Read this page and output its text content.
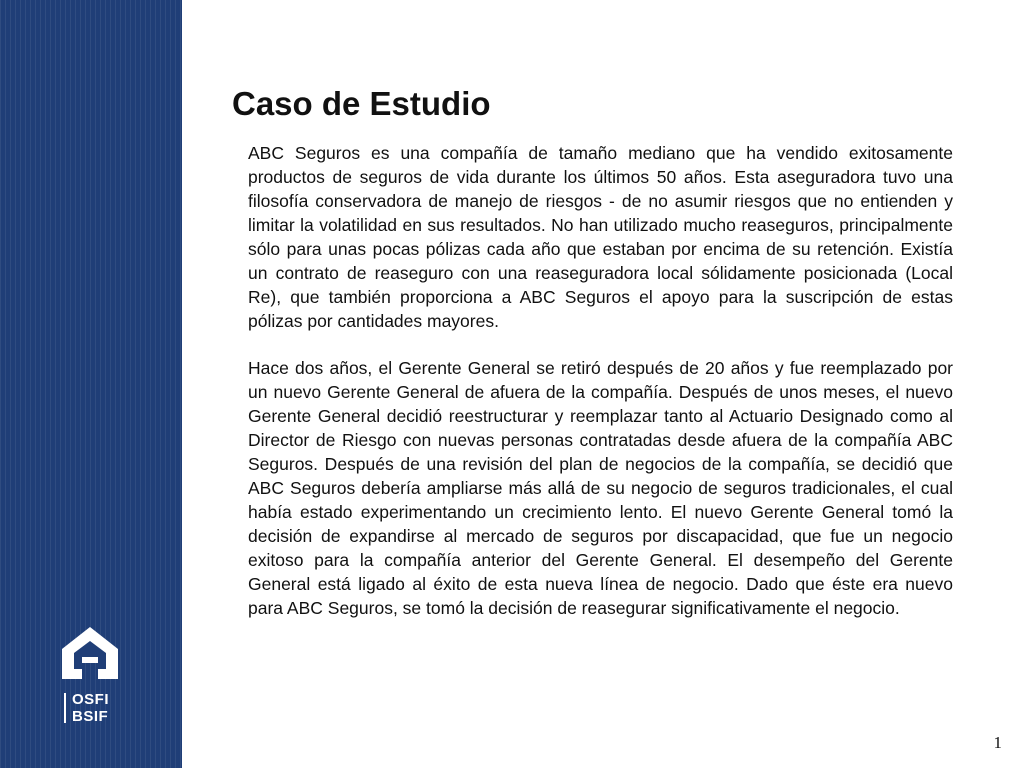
OSFI
BSIF
Caso de Estudio

ABC Seguros es una compañía de tamaño mediano que ha vendido exitosamente productos de seguros de vida durante los últimos 50 años. Esta aseguradora tuvo una filosofía conservadora de manejo de riesgos - de no asumir riesgos que no entienden y limitar la volatilidad en sus resultados. No han utilizado mucho reaseguros, principalmente sólo para unas pocas pólizas cada año que estaban por encima de su retención. Existía un contrato de reaseguro con una reaseguradora local sólidamente posicionada (Local Re), que también proporciona a ABC Seguros el apoyo para la suscripción de estas pólizas por cantidades mayores.

Hace dos años, el Gerente General se retiró después de 20 años y fue reemplazado por un nuevo Gerente General de afuera de la compañía. Después de unos meses, el nuevo Gerente General decidió reestructurar y reemplazar tanto al Actuario Designado como al Director de Riesgo con nuevas personas contratadas desde afuera de la compañía ABC Seguros. Después de una revisión del plan de negocios de la compañía, se decidió que ABC Seguros debería ampliarse más allá de su negocio de seguros tradicionales, el cual había estado experimentando un crecimiento lento. El nuevo Gerente General tomó la decisión de expandirse al mercado de seguros por discapacidad, que fue un negocio exitoso para la compañía anterior del Gerente General. El desempeño del Gerente General está ligado al éxito de esta nueva línea de negocio. Dado que éste era nuevo para ABC Seguros, se tomó la decisión de reasegurar significativamente el negocio.

1
